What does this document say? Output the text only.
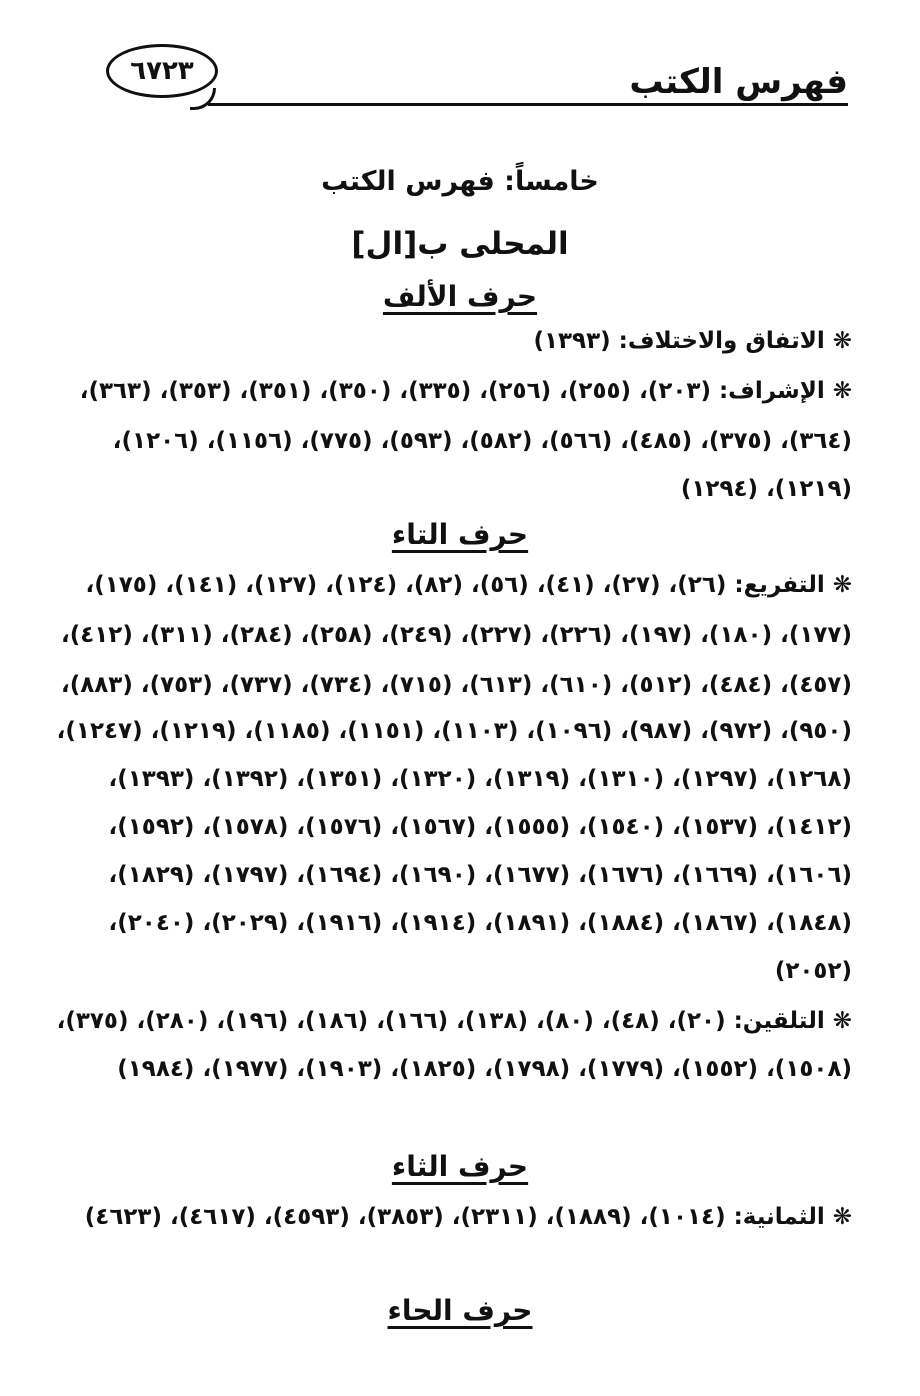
فهرس الكتب
٦٧٢٣
خامساً: فهرس الكتب
المحلى ب[ال]
حرف الألف
❋ الاتفاق والاختلاف: (١٣٩٣)
❋ الإشراف: (٢٠٣)، (٢٥٥)، (٢٥٦)، (٣٣٥)، (٣٥٠)، (٣٥١)، (٣٥٣)، (٣٦٣)،
(٣٦٤)، (٣٧٥)، (٤٨٥)، (٥٦٦)، (٥٨٢)، (٥٩٣)، (٧٧٥)، (١١٥٦)، (١٢٠٦)،
(١٢١٩)، (١٢٩٤)
حرف التاء
❋ التفريع: (٢٦)، (٢٧)، (٤١)، (٥٦)، (٨٢)، (١٢٤)، (١٢٧)، (١٤١)، (١٧٥)،
(١٧٧)، (١٨٠)، (١٩٧)، (٢٢٦)، (٢٢٧)، (٢٤٩)، (٢٥٨)، (٢٨٤)، (٣١١)، (٤١٢)،
(٤٥٧)، (٤٨٤)، (٥١٢)، (٦١٠)، (٦١٣)، (٧١٥)، (٧٣٤)، (٧٣٧)، (٧٥٣)، (٨٨٣)،
(٩٥٠)، (٩٧٢)، (٩٨٧)، (١٠٩٦)، (١١٠٣)، (١١٥١)، (١١٨٥)، (١٢١٩)، (١٢٤٧)،
(١٢٦٨)، (١٢٩٧)، (١٣١٠)، (١٣١٩)، (١٣٢٠)، (١٣٥١)، (١٣٩٢)، (١٣٩٣)،
(١٤١٢)، (١٥٣٧)، (١٥٤٠)، (١٥٥٥)، (١٥٦٧)، (١٥٧٦)، (١٥٧٨)، (١٥٩٢)،
(١٦٠٦)، (١٦٦٩)، (١٦٧٦)، (١٦٧٧)، (١٦٩٠)، (١٦٩٤)، (١٧٩٧)، (١٨٢٩)،
(١٨٤٨)، (١٨٦٧)، (١٨٨٤)، (١٨٩١)، (١٩١٤)، (١٩١٦)، (٢٠٢٩)، (٢٠٤٠)،
(٢٠٥٢)
❋ التلقين: (٢٠)، (٤٨)، (٨٠)، (١٣٨)، (١٦٦)، (١٨٦)، (١٩٦)، (٢٨٠)، (٣٧٥)،
(١٥٠٨)، (١٥٥٢)، (١٧٧٩)، (١٧٩٨)، (١٨٢٥)، (١٩٠٣)، (١٩٧٧)، (١٩٨٤)
حرف الثاء
❋ الثمانية: (١٠١٤)، (١٨٨٩)، (٢٣١١)، (٣٨٥٣)، (٤٥٩٣)، (٤٦١٧)، (٤٦٢٣)
حرف الحاء
